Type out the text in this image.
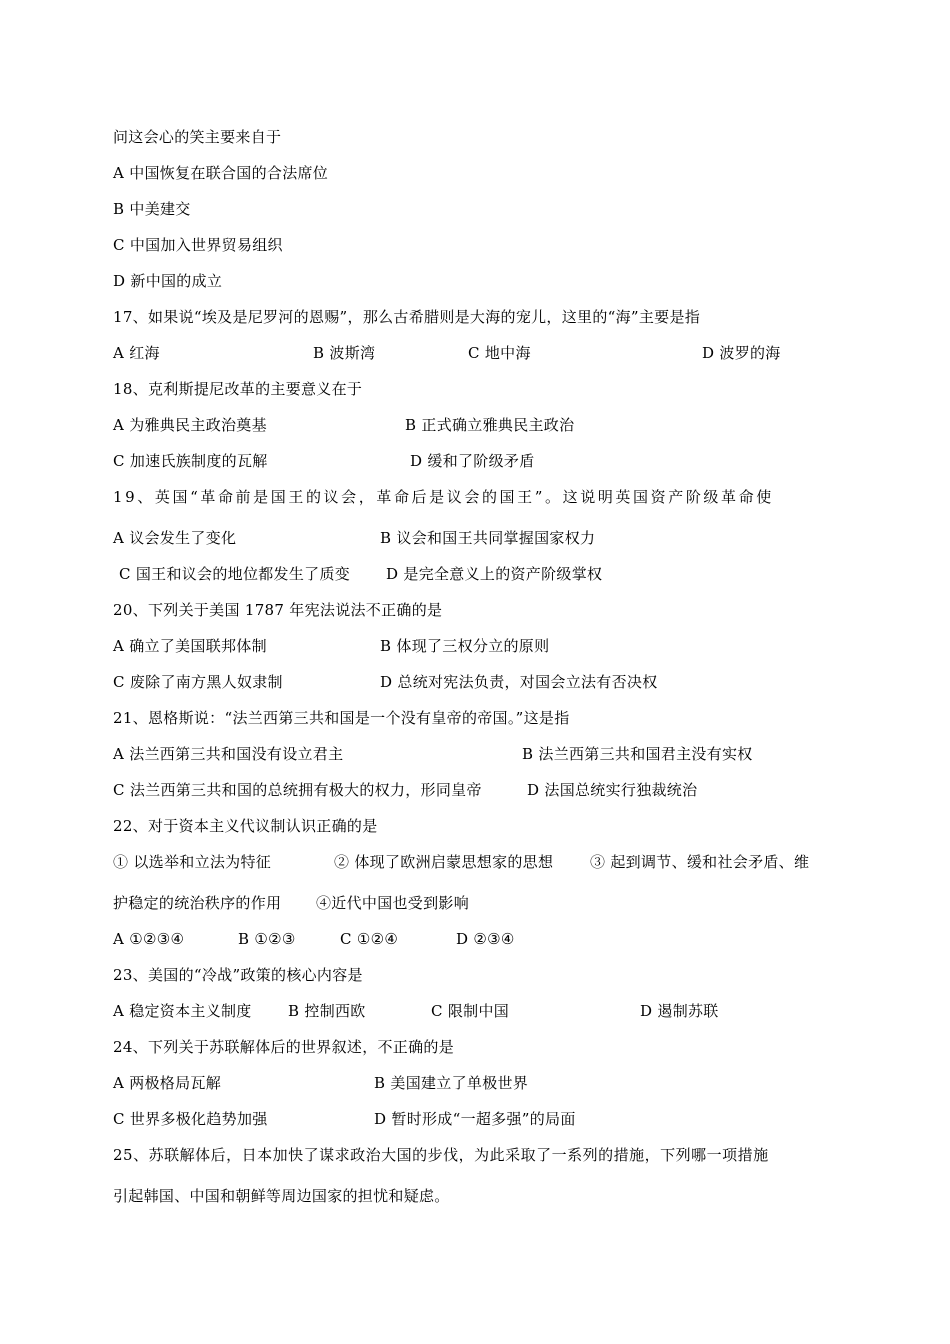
问这会心的笑主要来自于
A 中国恢复在联合国的合法席位
B 中美建交
C 中国加入世界贸易组织
D 新中国的成立
17、如果说“埃及是尼罗河的恩赐”，那么古希腊则是大海的宠儿，这里的“海”主要是指
A 红海	B 波斯湾	C 地中海	D 波罗的海
18、克利斯提尼改革的主要意义在于
A 为雅典民主政治奠基	B 正式确立雅典民主政治
C 加速氏族制度的瓦解	D 缓和了阶级矛盾
19、英国“革命前是国王的议会，革命后是议会的国王”。这说明英国资产阶级革命使
A 议会发生了变化	B 议会和国王共同掌握国家权力
C 国王和议会的地位都发生了质变 D 是完全意义上的资产阶级掌权
20、下列关于美国 1787 年宪法说法不正确的是
A 确立了美国联邦体制	B 体现了三权分立的原则
C 废除了南方黑人奴隶制	D 总统对宪法负责，对国会立法有否决权
21、恩格斯说：“法兰西第三共和国是一个没有皇帝的帝国。”这是指
A 法兰西第三共和国没有设立君主	B 法兰西第三共和国君主没有实权
C 法兰西第三共和国的总统拥有极大的权力，形同皇帝	D 法国总统实行独裁统治
22、对于资本主义代议制认识正确的是
① 以选举和立法为特征	② 体现了欧洲启蒙思想家的思想 ③ 起到调节、缓和社会矛盾、维
护稳定的统治秩序的作用 ④近代中国也受到影响
A ①②③④	B ①②③	C ①②④	D ②③④
23、美国的“冷战”政策的核心内容是
A 稳定资本主义制度 B 控制西欧	C 限制中国	D 遏制苏联
24、下列关于苏联解体后的世界叙述，不正确的是
A 两极格局瓦解	B 美国建立了单极世界
C 世界多极化趋势加强	D 暂时形成“一超多强”的局面
25、苏联解体后，日本加快了谋求政治大国的步伐，为此采取了一系列的措施，下列哪一项措施
引起韩国、中国和朝鲜等周边国家的担忧和疑虑。
